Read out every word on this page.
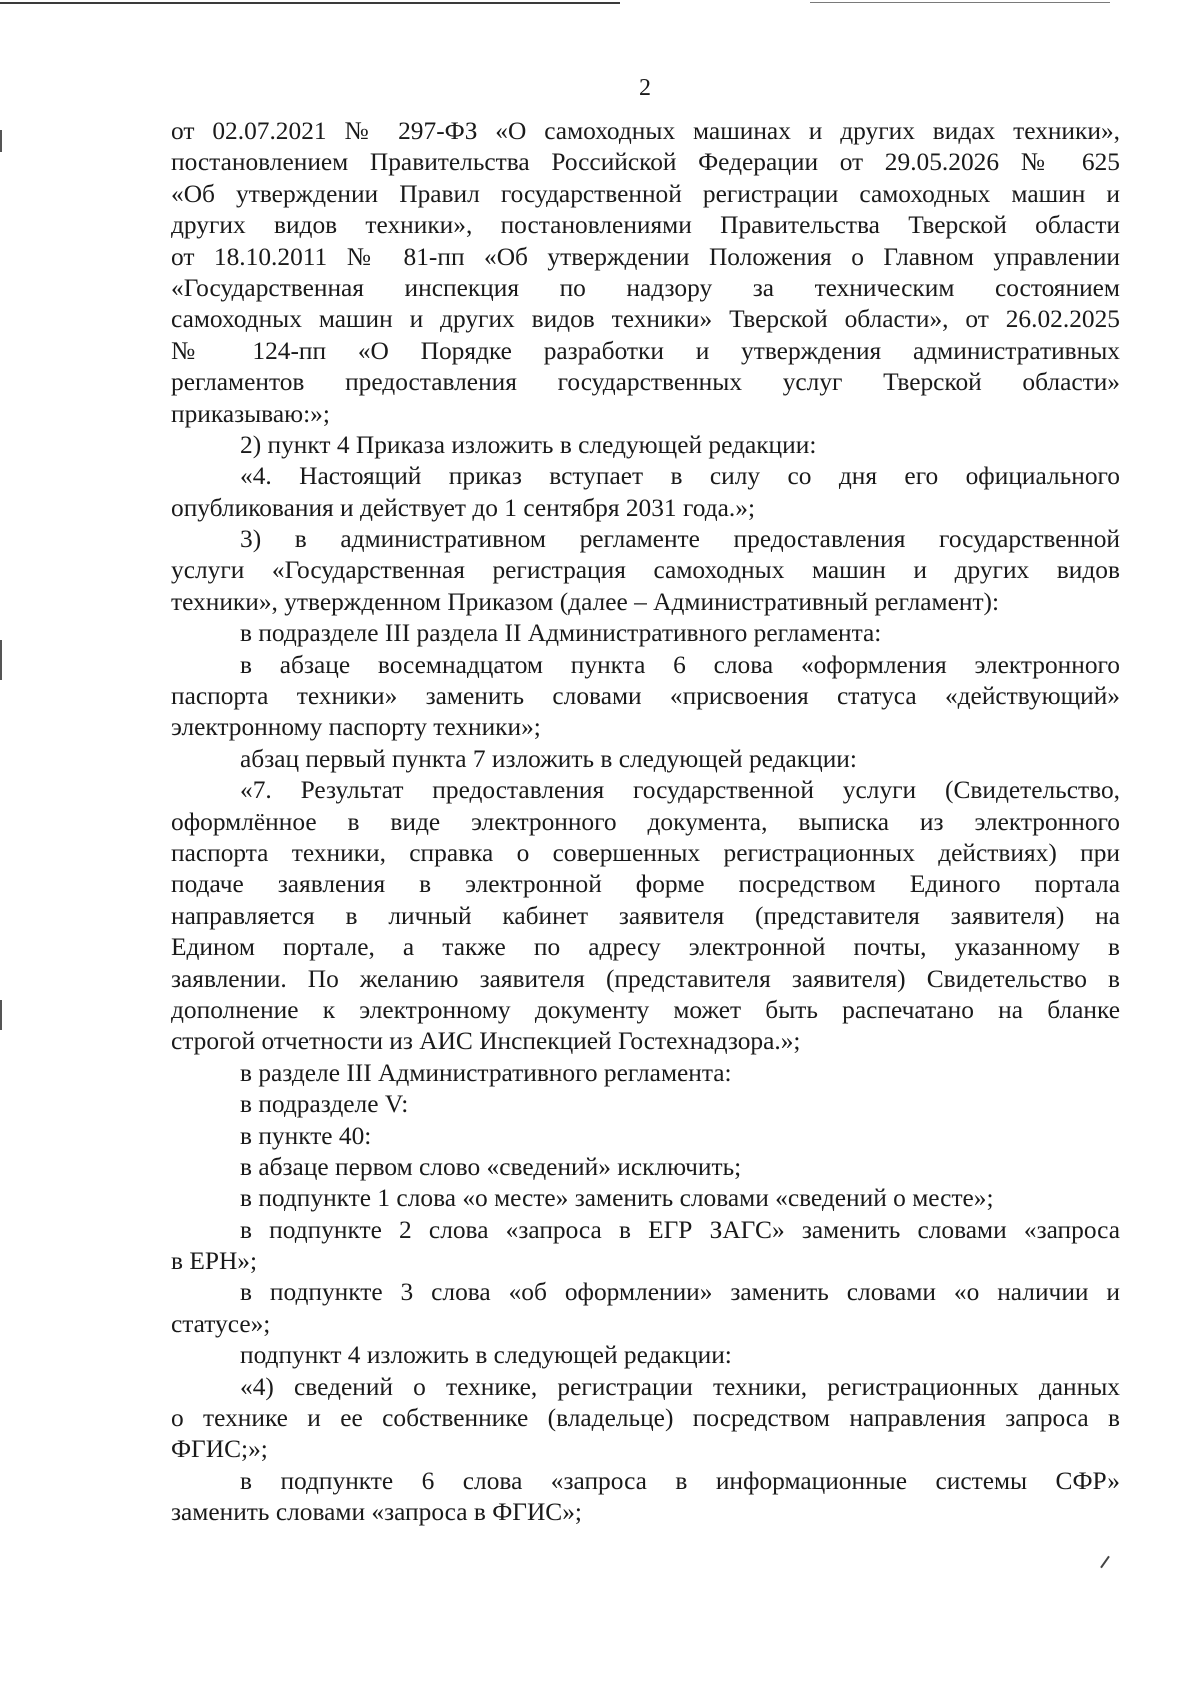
2
от 02.07.2021 № 297-ФЗ «О самоходных машинах и других видах техники»,
постановлением Правительства Российской Федерации от 29.05.2026 № 625
«Об утверждении Правил государственной регистрации самоходных машин и
других видов техники», постановлениями Правительства Тверской области
от 18.10.2011 № 81-пп «Об утверждении Положения о Главном управлении
«Государственная инспекция по надзору за техническим состоянием
самоходных машин и других видов техники» Тверской области», от 26.02.2025
№ 124-пп «О Порядке разработки и утверждения административных
регламентов предоставления государственных услуг Тверской области»
приказываю:»;
2) пункт 4 Приказа изложить в следующей редакции:
«4. Настоящий приказ вступает в силу со дня его официального
опубликования и действует до 1 сентября 2031 года.»;
3) в административном регламенте предоставления государственной
услуги «Государственная регистрация самоходных машин и других видов
техники», утвержденном Приказом (далее – Административный регламент):
в подразделе III раздела II Административного регламента:
в абзаце восемнадцатом пункта 6 слова «оформления электронного
паспорта техники» заменить словами «присвоения статуса «действующий»
электронному паспорту техники»;
абзац первый пункта 7 изложить в следующей редакции:
«7. Результат предоставления государственной услуги (Свидетельство,
оформлённое в виде электронного документа, выписка из электронного
паспорта техники, справка о совершенных регистрационных действиях) при
подаче заявления в электронной форме посредством Единого портала
направляется в личный кабинет заявителя (представителя заявителя) на
Едином портале, а также по адресу электронной почты, указанному в
заявлении. По желанию заявителя (представителя заявителя) Свидетельство в
дополнение к электронному документу может быть распечатано на бланке
строгой отчетности из АИС Инспекцией Гостехнадзора.»;
в разделе III Административного регламента:
в подразделе V:
в пункте 40:
в абзаце первом слово «сведений» исключить;
в подпункте 1 слова «о месте» заменить словами «сведений о месте»;
в подпункте 2 слова «запроса в ЕГР ЗАГС» заменить словами «запроса
в ЕРН»;
в подпункте 3 слова «об оформлении» заменить словами «о наличии и
статусе»;
подпункт 4 изложить в следующей редакции:
«4) сведений о технике, регистрации техники, регистрационных данных
о технике и ее собственнике (владельце) посредством направления запроса в
ФГИС;»;
в подпункте 6 слова «запроса в информационные системы СФР»
заменить словами «запроса в ФГИС»;
